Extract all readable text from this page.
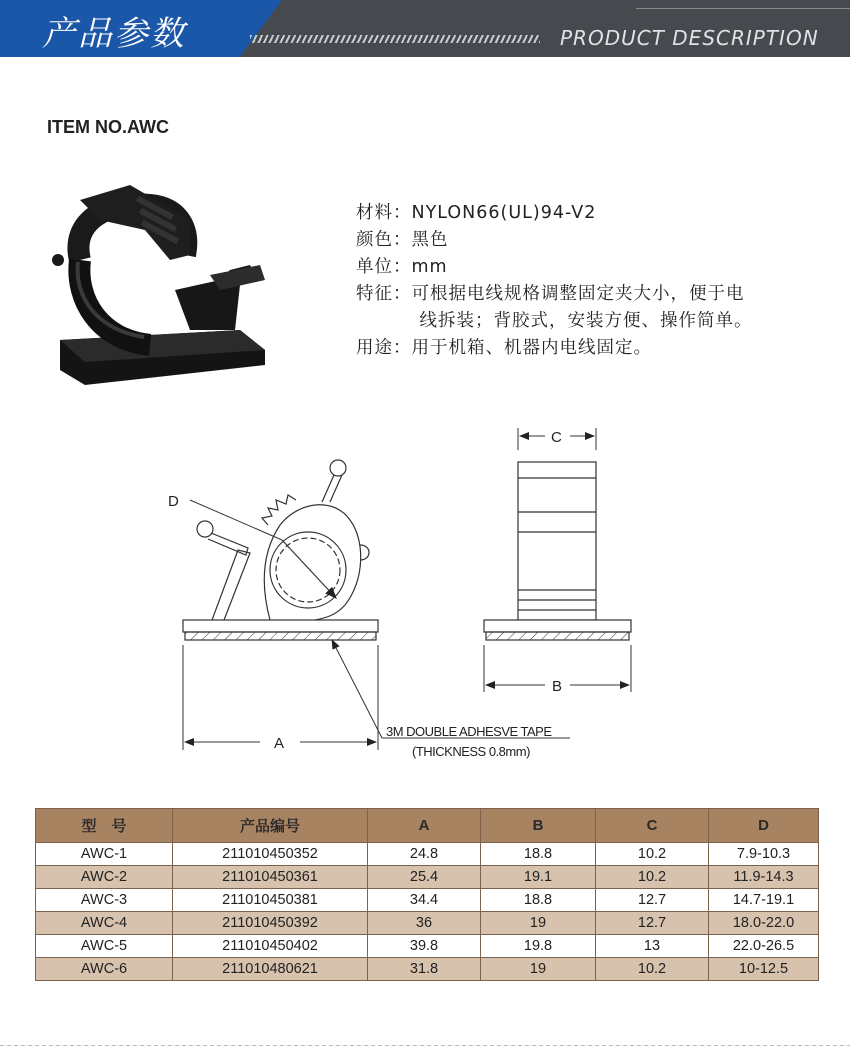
产品参数	PRODUCT DESCRIPTION
ITEM NO.AWC
材料： NYLON66(UL)94-V2
颜色： 黑色
单位： mm
特征： 可根据电线规格调整固定夹大小，便于电
线拆装；背胶式，安装方便、操作简单。
用途： 用于机箱、机器内电线固定。
D
A
3M DOUBLE ADHESVE TAPE
(THICKNESS 0.8mm)
C
B
型　号	产品编号	A	B	C	D
AWC-1	211010450352	24.8	18.8	10.2	7.9-10.3
AWC-2	211010450361	25.4	19.1	10.2	11.9-14.3
AWC-3	211010450381	34.4	18.8	12.7	14.7-19.1
AWC-4	211010450392	36	19	12.7	18.0-22.0
AWC-5	211010450402	39.8	19.8	13	22.0-26.5
AWC-6	211010480621	31.8	19	10.2	10-12.5
